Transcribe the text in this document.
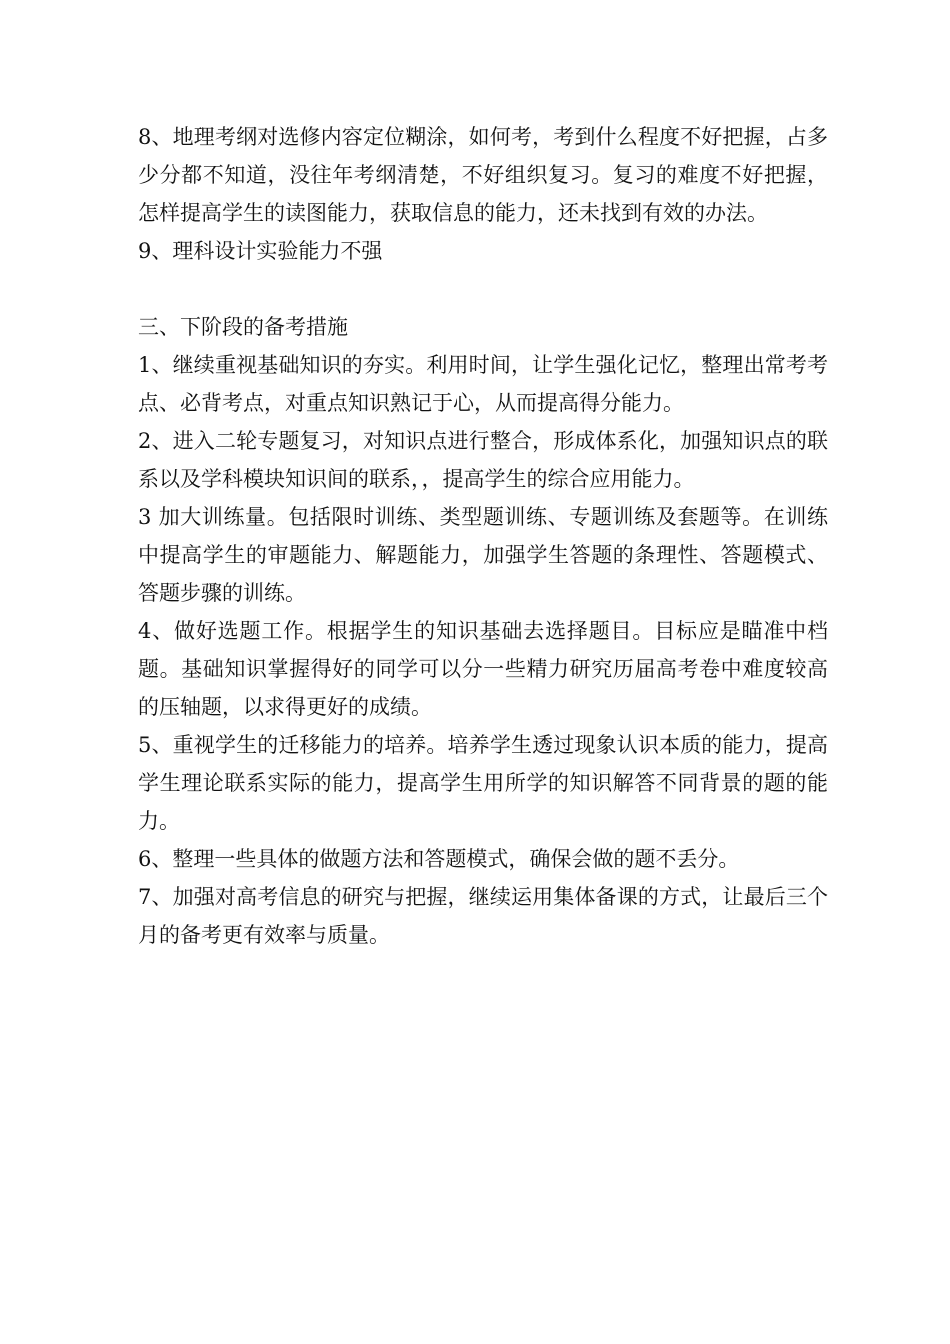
8、地理考纲对选修内容定位糊涂，如何考，考到什么程度不好把握，占多少分都不知道，没往年考纲清楚，不好组织复习。复习的难度不好把握，怎样提高学生的读图能力，获取信息的能力，还未找到有效的办法。

9、理科设计实验能力不强

三、下阶段的备考措施

1、继续重视基础知识的夯实。利用时间，让学生强化记忆，整理出常考考点、必背考点，对重点知识熟记于心，从而提高得分能力。

2、进入二轮专题复习，对知识点进行整合，形成体系化，加强知识点的联系以及学科模块知识间的联系，，提高学生的综合应用能力。

3 加大训练量。包括限时训练、类型题训练、专题训练及套题等。在训练中提高学生的审题能力、解题能力，加强学生答题的条理性、答题模式、答题步骤的训练。

4、做好选题工作。根据学生的知识基础去选择题目。目标应是瞄准中档题。基础知识掌握得好的同学可以分一些精力研究历届高考卷中难度较高的压轴题，以求得更好的成绩。

5、重视学生的迁移能力的培养。培养学生透过现象认识本质的能力，提高学生理论联系实际的能力，提高学生用所学的知识解答不同背景的题的能力。

6、整理一些具体的做题方法和答题模式，确保会做的题不丢分。

7、加强对高考信息的研究与把握，继续运用集体备课的方式，让最后三个月的备考更有效率与质量。
